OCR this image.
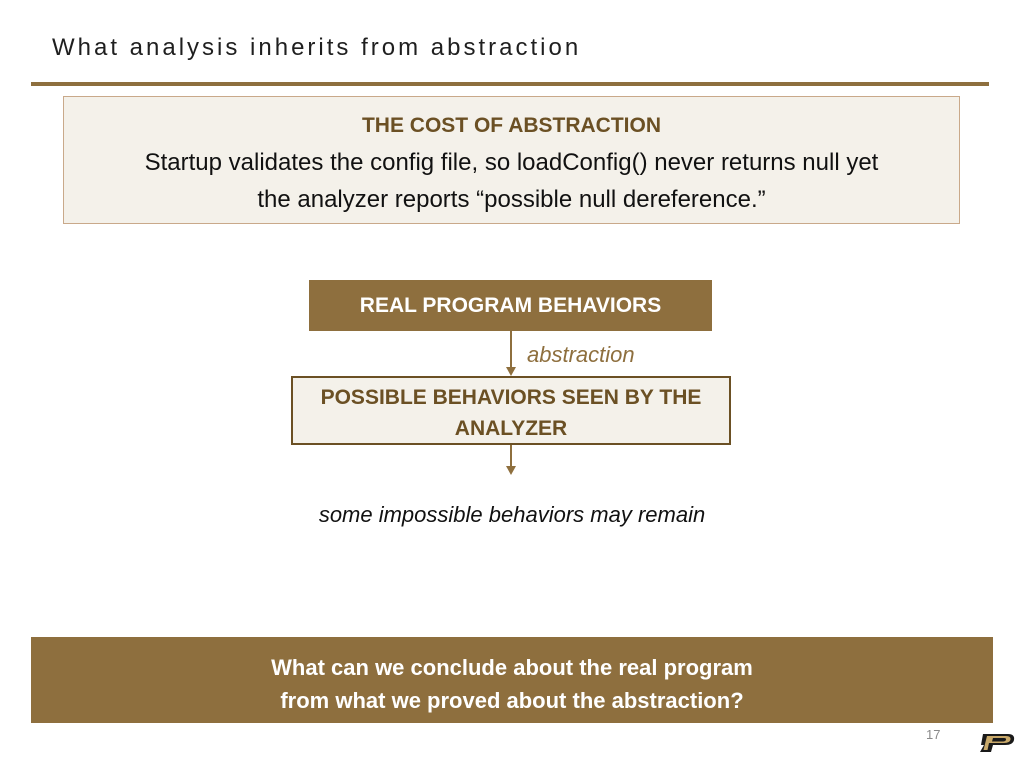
What analysis inherits from abstraction
THE COST OF ABSTRACTION
Startup validates the config file, so loadConfig() never returns null yet
the analyzer reports “possible null dereference.”
REAL PROGRAM BEHAVIORS
abstraction
POSSIBLE BEHAVIORS SEEN BY THE
ANALYZER
some impossible behaviors may remain
What can we conclude about the real program
from what we proved about the abstraction?
17
